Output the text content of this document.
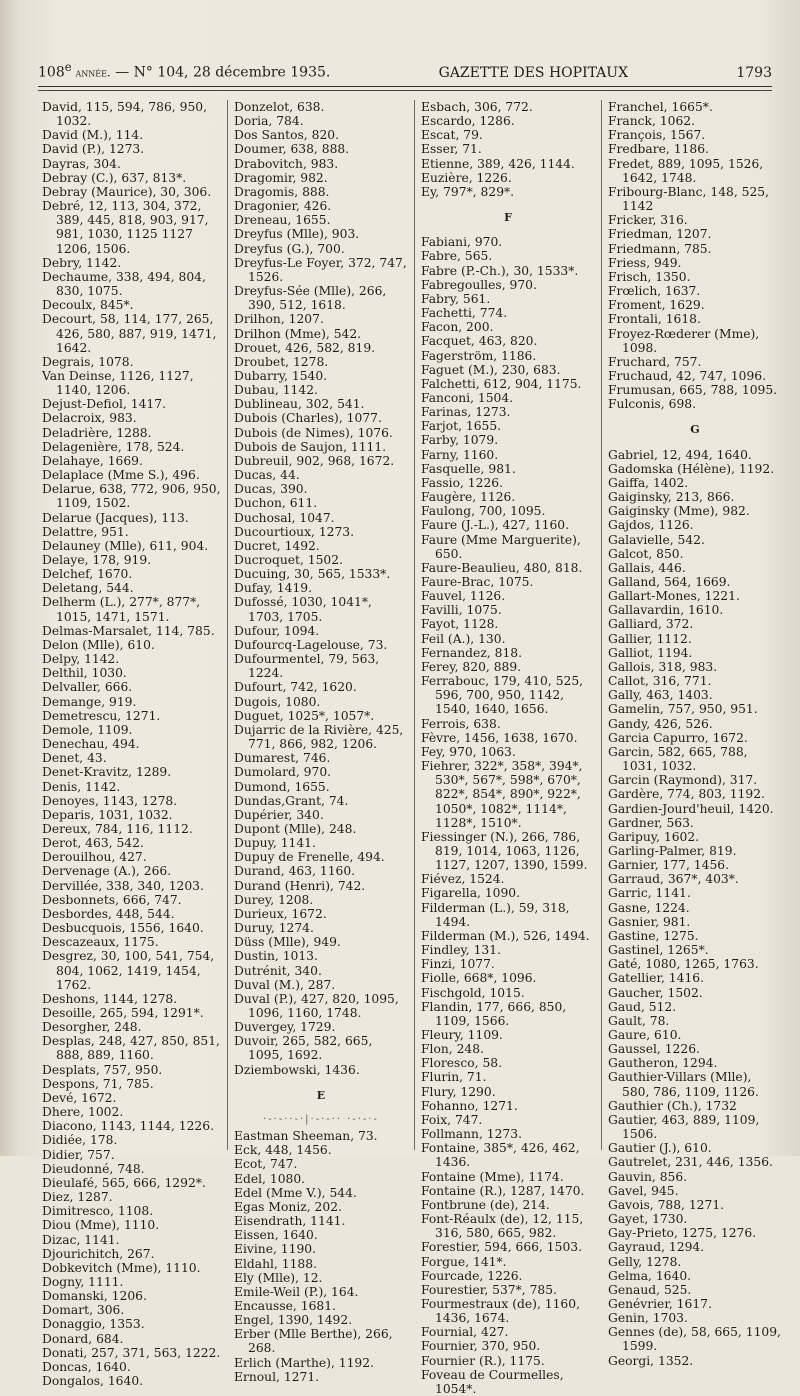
108e année. — N° 104, 28 décembre 1935.	GAZETTE DES HOPITAUX	1793
David, 115, 594, 786, 950, 1032.
David (M.), 114.
David (P.), 1273.
Dayras, 304.
Debray (C.), 637, 813*.
Debray (Maurice), 30, 306.
Debré, 12, 113, 304, 372, 389, 445, 818, 903, 917, 981, 1030, 1125 1127 1206, 1506.
Debry, 1142.
Dechaume, 338, 494, 804, 830, 1075.
Decoulx, 845*.
Decourt, 58, 114, 177, 265, 426, 580, 887, 919, 1471, 1642.
Degrais, 1078.
Van Deinse, 1126, 1127, 1140, 1206.
Dejust-Defiol, 1417.
Delacroix, 983.
Deladrière, 1288.
Delagenière, 178, 524.
Delahaye, 1669.
Delaplace (Mme S.), 496.
Delarue, 638, 772, 906, 950, 1109, 1502.
Delarue (Jacques), 113.
Delattre, 951.
Delauney (Mlle), 611, 904.
Delaye, 178, 919.
Delchef, 1670.
Deletang, 544.
Delherm (L.), 277*, 877*, 1015, 1471, 1571.
Delmas-Marsalet, 114, 785.
Delon (Mlle), 610.
Delpy, 1142.
Delthil, 1030.
Delvaller, 666.
Demange, 919.
Demetrescu, 1271.
Demole, 1109.
Denechau, 494.
Denet, 43.
Denet-Kravitz, 1289.
Denis, 1142.
Denoyes, 1143, 1278.
Deparis, 1031, 1032.
Dereux, 784, 116, 1112.
Derot, 463, 542.
Derouilhou, 427.
Dervenage (A.), 266.
Dervillée, 338, 340, 1203.
Desbonnets, 666, 747.
Desbordes, 448, 544.
Desbucquois, 1556, 1640.
Descazeaux, 1175.
Desgrez, 30, 100, 541, 754, 804, 1062, 1419, 1454, 1762.
Deshons, 1144, 1278.
Desoille, 265, 594, 1291*.
Desorgher, 248.
Desplas, 248, 427, 850, 851, 888, 889, 1160.
Desplats, 757, 950.
Despons, 71, 785.
Devé, 1672.
Dhere, 1002.
Diacono, 1143, 1144, 1226.
Didiée, 178.
Didier, 757.
Dieudonné, 748.
Dieulafé, 565, 666, 1292*.
Diez, 1287.
Dimitresco, 1108.
Diou (Mme), 1110.
Dizac, 1141.
Djourichitch, 267.
Dobkevitch (Mme), 1110.
Dogny, 1111.
Domanski, 1206.
Domart, 306.
Donaggio, 1353.
Donard, 684.
Donati, 257, 371, 563, 1222.
Doncas, 1640.
Dongalos, 1640.
Donzelot, 638.
Doria, 784.
Dos Santos, 820.
Doumer, 638, 888.
Drabovitch, 983.
Dragomir, 982.
Dragomis, 888.
Dragonier, 426.
Dreneau, 1655.
Dreyfus (Mlle), 903.
Dreyfus (G.), 700.
Dreyfus-Le Foyer, 372, 747, 1526.
Dreyfus-Sée (Mlle), 266, 390, 512, 1618.
Drilhon, 1207.
Drilhon (Mme), 542.
Drouet, 426, 582, 819.
Droubet, 1278.
Dubarry, 1540.
Dubau, 1142.
Dublineau, 302, 541.
Dubois (Charles), 1077.
Dubois (de Nimes), 1076.
Dubois de Saujon, 1111.
Dubreuil, 902, 968, 1672.
Ducas, 44.
Ducas, 390.
Duchon, 611.
Duchosal, 1047.
Ducourtioux, 1273.
Ducret, 1492.
Ducroquet, 1502.
Ducuing, 30, 565, 1533*.
Dufay, 1419.
Dufossé, 1030, 1041*, 1703, 1705.
Dufour, 1094.
Dufourcq-Lagelouse, 73.
Dufourmentel, 79, 563, 1224.
Dufourt, 742, 1620.
Dugois, 1080.
Duguet, 1025*, 1057*.
Dujarric de la Rivière, 425, 771, 866, 982, 1206.
Dumarest, 746.
Dumolard, 970.
Dumond, 1655.
Dundas,Grant, 74.
Dupérier, 340.
Dupont (Mlle), 248.
Dupuy, 1141.
Dupuy de Frenelle, 494.
Durand, 463, 1160.
Durand (Henri), 742.
Durey, 1208.
Durieux, 1672.
Duruy, 1274.
Düss (Mlle), 949.
Dustin, 1013.
Dutrénit, 340.
Duval (M.), 287.
Duval (P.), 427, 820, 1095, 1096, 1160, 1748.
Duvergey, 1729.
Duvoir, 265, 582, 665, 1095, 1692.
Dziembowski, 1436.
E
·-·-··-·|·-·-·· ·-·-·-
Eastman Sheeman, 73.
Eck, 448, 1456.
Ecot, 747.
Edel, 1080.
Edel (Mme V.), 544.
Egas Moniz, 202.
Eisendrath, 1141.
Eissen, 1640.
Eivine, 1190.
Eldahl, 1188.
Ely (Mlle), 12.
Emile-Weil (P.), 164.
Encausse, 1681.
Engel, 1390, 1492.
Erber (Mlle Berthe), 266, 268.
Erlich (Marthe), 1192.
Ernoul, 1271.
Esbach, 306, 772.
Escardo, 1286.
Escat, 79.
Esser, 71.
Etienne, 389, 426, 1144.
Euzière, 1226.
Ey, 797*, 829*.
F
Fabiani, 970.
Fabre, 565.
Fabre (P.-Ch.), 30, 1533*.
Fabregoulles, 970.
Fabry, 561.
Fachetti, 774.
Facon, 200.
Facquet, 463, 820.
Fagerström, 1186.
Faguet (M.), 230, 683.
Falchetti, 612, 904, 1175.
Fanconi, 1504.
Farinas, 1273.
Farjot, 1655.
Farby, 1079.
Farny, 1160.
Fasquelle, 981.
Fassio, 1226.
Faugère, 1126.
Faulong, 700, 1095.
Faure (J.-L.), 427, 1160.
Faure (Mme Marguerite), 650.
Faure-Beaulieu, 480, 818.
Faure-Brac, 1075.
Fauvel, 1126.
Favilli, 1075.
Fayot, 1128.
Feil (A.), 130.
Fernandez, 818.
Ferey, 820, 889.
Ferrabouc, 179, 410, 525, 596, 700, 950, 1142, 1540, 1640, 1656.
Ferrois, 638.
Fèvre, 1456, 1638, 1670.
Fey, 970, 1063.
Fiehrer, 322*, 358*, 394*, 530*, 567*, 598*, 670*, 822*, 854*, 890*, 922*, 1050*, 1082*, 1114*, 1128*, 1510*.
Fiessinger (N.), 266, 786, 819, 1014, 1063, 1126, 1127, 1207, 1390, 1599.
Fiévez, 1524.
Figarella, 1090.
Filderman (L.), 59, 318, 1494.
Filderman (M.), 526, 1494.
Findley, 131.
Finzi, 1077.
Fiolle, 668*, 1096.
Fischgold, 1015.
Flandin, 177, 666, 850, 1109, 1566.
Fleury, 1109.
Flon, 248.
Floresco, 58.
Flurin, 71.
Flury, 1290.
Fohanno, 1271.
Foix, 747.
Follmann, 1273.
Fontaine, 385*, 426, 462, 1436.
Fontaine (Mme), 1174.
Fontaine (R.), 1287, 1470.
Fontbrune (de), 214.
Font-Réaulx (de), 12, 115, 316, 580, 665, 982.
Forestier, 594, 666, 1503.
Forgue, 141*.
Fourcade, 1226.
Fourestier, 537*, 785.
Fourmestraux (de), 1160, 1436, 1674.
Fournial, 427.
Fournier, 370, 950.
Fournier (R.), 1175.
Foveau de Courmelles, 1054*.
Franchel, 1665*.
Franck, 1062.
François, 1567.
Fredbare, 1186.
Fredet, 889, 1095, 1526, 1642, 1748.
Fribourg-Blanc, 148, 525, 1142
Fricker, 316.
Friedman, 1207.
Friedmann, 785.
Friess, 949.
Frisch, 1350.
Frœlich, 1637.
Froment, 1629.
Frontali, 1618.
Froyez-Rœderer (Mme), 1098.
Fruchard, 757.
Fruchaud, 42, 747, 1096.
Frumusan, 665, 788, 1095.
Fulconis, 698.
G
Gabriel, 12, 494, 1640.
Gadomska (Hélène), 1192.
Gaiffa, 1402.
Gaiginsky, 213, 866.
Gaiginsky (Mme), 982.
Gajdos, 1126.
Galavielle, 542.
Galcot, 850.
Gallais, 446.
Galland, 564, 1669.
Gallart-Mones, 1221.
Gallavardin, 1610.
Galliard, 372.
Gallier, 1112.
Galliot, 1194.
Gallois, 318, 983.
Callot, 316, 771.
Gally, 463, 1403.
Gamelin, 757, 950, 951.
Gandy, 426, 526.
Garcia Capurro, 1672.
Garcin, 582, 665, 788, 1031, 1032.
Garcin (Raymond), 317.
Gardère, 774, 803, 1192.
Gardien-Jourd'heuil, 1420.
Gardner, 563.
Garipuy, 1602.
Garling-Palmer, 819.
Garnier, 177, 1456.
Garraud, 367*, 403*.
Garric, 1141.
Gasne, 1224.
Gasnier, 981.
Gastine, 1275.
Gastinel, 1265*.
Gaté, 1080, 1265, 1763.
Gatellier, 1416.
Gaucher, 1502.
Gaud, 512.
Gault, 78.
Gaure, 610.
Gaussel, 1226.
Gautheron, 1294.
Gauthier-Villars (Mlle), 580, 786, 1109, 1126.
Gauthier (Ch.), 1732
Gautier, 463, 889, 1109, 1506.
Gautier (J.), 610.
Gautrelet, 231, 446, 1356.
Gauvin, 856.
Gavel, 945.
Gavois, 788, 1271.
Gayet, 1730.
Gay-Prieto, 1275, 1276.
Gayraud, 1294.
Gelly, 1278.
Gelma, 1640.
Genaud, 525.
Genévrier, 1617.
Genin, 1703.
Gennes (de), 58, 665, 1109, 1599.
Georgi, 1352.
